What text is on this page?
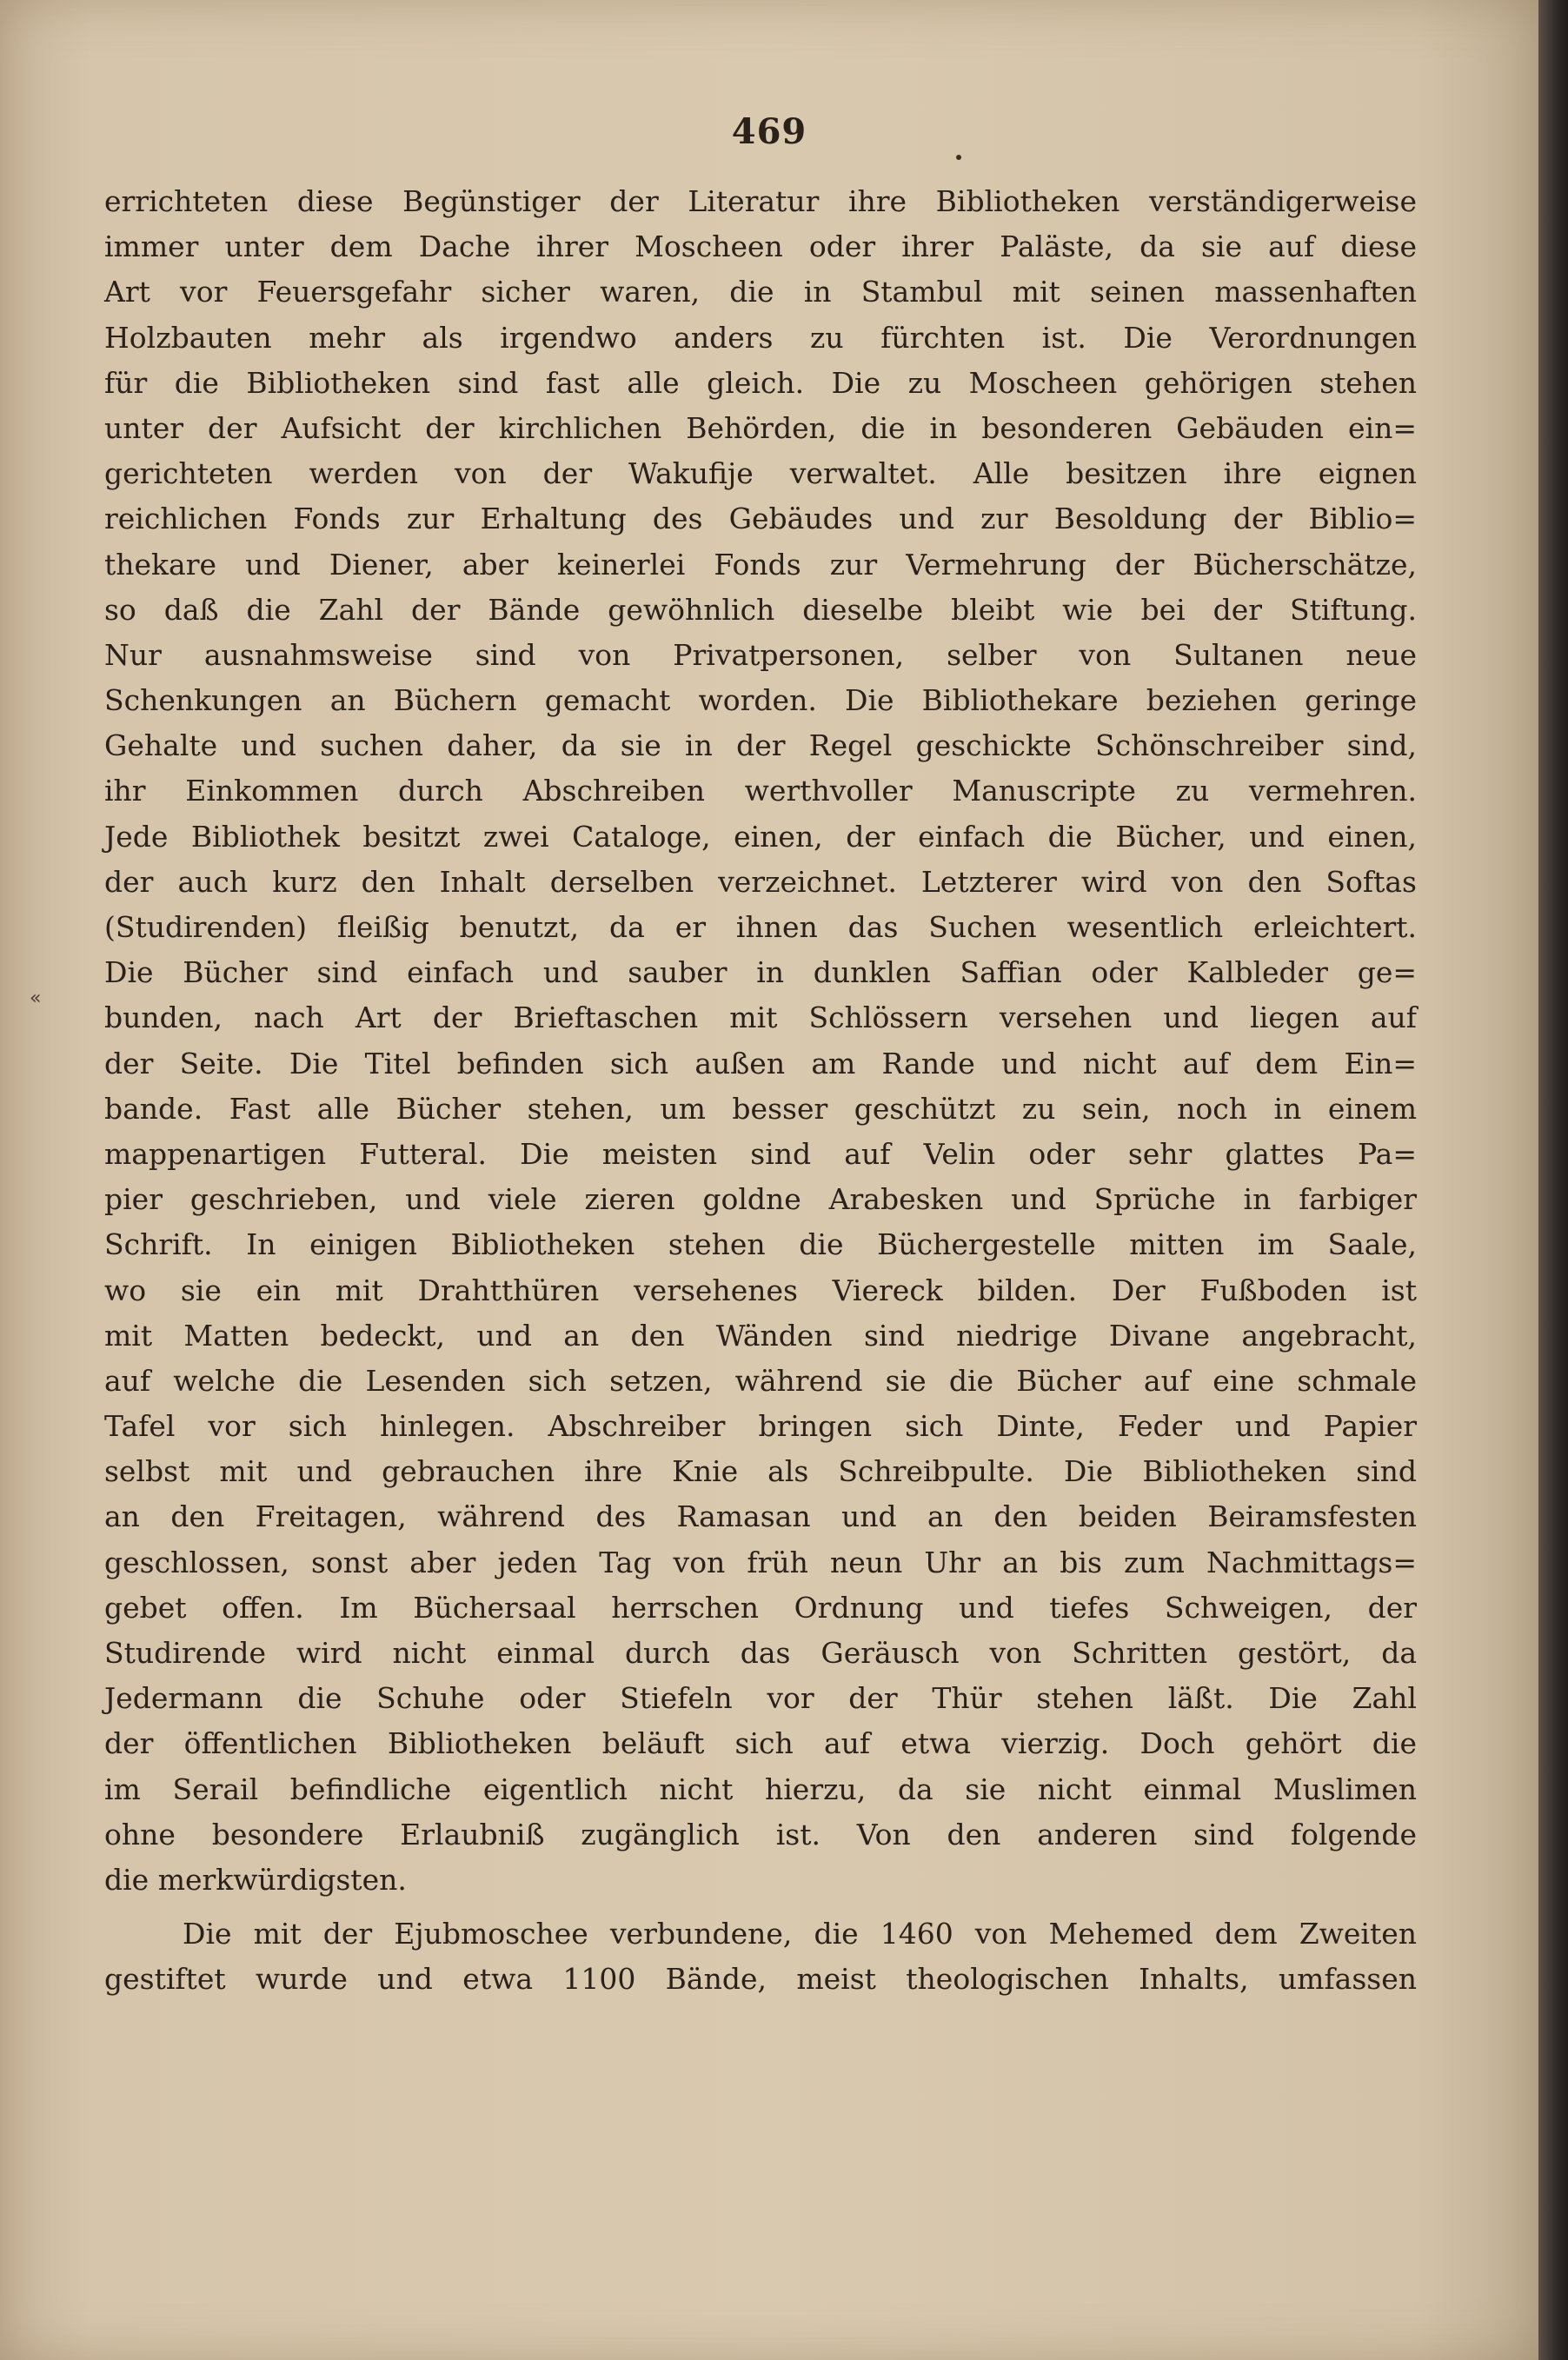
469
«
errichteten diese Begünstiger der Literatur ihre Bibliotheken verständigerweise
immer unter dem Dache ihrer Moscheen oder ihrer Paläste, da sie auf diese
Art vor Feuersgefahr sicher waren, die in Stambul mit seinen massenhaften
Holzbauten mehr als irgendwo anders zu fürchten ist. Die Verordnungen
für die Bibliotheken sind fast alle gleich. Die zu Moscheen gehörigen stehen
unter der Aufsicht der kirchlichen Behörden, die in besonderen Gebäuden ein=
gerichteten werden von der Wakufije verwaltet. Alle besitzen ihre eignen
reichlichen Fonds zur Erhaltung des Gebäudes und zur Besoldung der Biblio=
thekare und Diener, aber keinerlei Fonds zur Vermehrung der Bücherschätze,
so daß die Zahl der Bände gewöhnlich dieselbe bleibt wie bei der Stiftung.
Nur ausnahmsweise sind von Privatpersonen, selber von Sultanen neue
Schenkungen an Büchern gemacht worden. Die Bibliothekare beziehen geringe
Gehalte und suchen daher, da sie in der Regel geschickte Schönschreiber sind,
ihr Einkommen durch Abschreiben werthvoller Manuscripte zu vermehren.
Jede Bibliothek besitzt zwei Cataloge, einen, der einfach die Bücher, und einen,
der auch kurz den Inhalt derselben verzeichnet. Letzterer wird von den Softas
(Studirenden) fleißig benutzt, da er ihnen das Suchen wesentlich erleichtert.
Die Bücher sind einfach und sauber in dunklen Saffian oder Kalbleder ge=
bunden, nach Art der Brieftaschen mit Schlössern versehen und liegen auf
der Seite. Die Titel befinden sich außen am Rande und nicht auf dem Ein=
bande. Fast alle Bücher stehen, um besser geschützt zu sein, noch in einem
mappenartigen Futteral. Die meisten sind auf Velin oder sehr glattes Pa=
pier geschrieben, und viele zieren goldne Arabesken und Sprüche in farbiger
Schrift. In einigen Bibliotheken stehen die Büchergestelle mitten im Saale,
wo sie ein mit Drahtthüren versehenes Viereck bilden. Der Fußboden ist
mit Matten bedeckt, und an den Wänden sind niedrige Divane angebracht,
auf welche die Lesenden sich setzen, während sie die Bücher auf eine schmale
Tafel vor sich hinlegen. Abschreiber bringen sich Dinte, Feder und Papier
selbst mit und gebrauchen ihre Knie als Schreibpulte. Die Bibliotheken sind
an den Freitagen, während des Ramasan und an den beiden Beiramsfesten
geschlossen, sonst aber jeden Tag von früh neun Uhr an bis zum Nachmittags=
gebet offen. Im Büchersaal herrschen Ordnung und tiefes Schweigen, der
Studirende wird nicht einmal durch das Geräusch von Schritten gestört, da
Jedermann die Schuhe oder Stiefeln vor der Thür stehen läßt. Die Zahl
der öffentlichen Bibliotheken beläuft sich auf etwa vierzig. Doch gehört die
im Serail befindliche eigentlich nicht hierzu, da sie nicht einmal Muslimen
ohne besondere Erlaubniß zugänglich ist. Von den anderen sind folgende
die merkwürdigsten.
Die mit der Ejubmoschee verbundene, die 1460 von Mehemed dem Zweiten
gestiftet wurde und etwa 1100 Bände, meist theologischen Inhalts, umfassen
